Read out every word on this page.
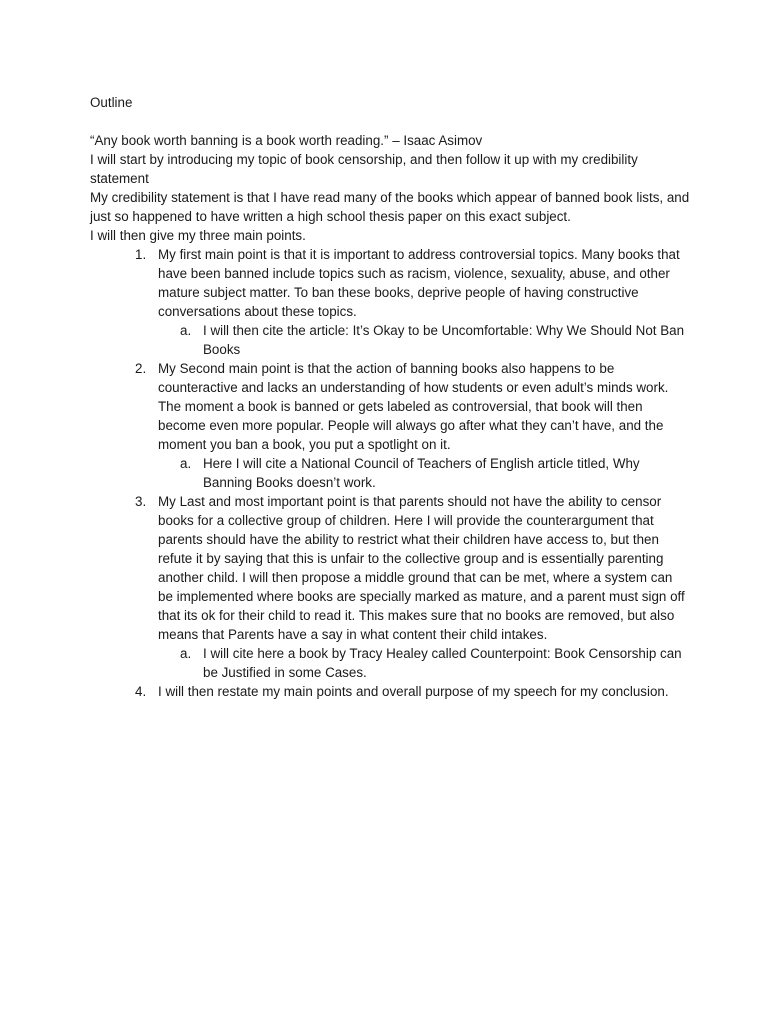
Outline

“Any book worth banning is a book worth reading.” – Isaac Asimov

I will start by introducing my topic of book censorship, and then follow it up with my credibility statement

My credibility statement is that I have read many of the books which appear of banned book lists, and just so happened to have written a high school thesis paper on this exact subject.

I will then give my three main points.

1. My first main point is that it is important to address controversial topics. Many books that have been banned include topics such as racism, violence, sexuality, abuse, and other mature subject matter. To ban these books, deprive people of having constructive conversations about these topics.
a. I will then cite the article: It’s Okay to be Uncomfortable: Why We Should Not Ban Books
2. My Second main point is that the action of banning books also happens to be counteractive and lacks an understanding of how students or even adult’s minds work. The moment a book is banned or gets labeled as controversial, that book will then become even more popular. People will always go after what they can’t have, and the moment you ban a book, you put a spotlight on it.
a. Here I will cite a National Council of Teachers of English article titled, Why Banning Books doesn’t work.
3. My Last and most important point is that parents should not have the ability to censor books for a collective group of children. Here I will provide the counterargument that parents should have the ability to restrict what their children have access to, but then refute it by saying that this is unfair to the collective group and is essentially parenting another child. I will then propose a middle ground that can be met, where a system can be implemented where books are specially marked as mature, and a parent must sign off that its ok for their child to read it. This makes sure that no books are removed, but also means that Parents have a say in what content their child intakes.
a. I will cite here a book by Tracy Healey called Counterpoint: Book Censorship can be Justified in some Cases.
4. I will then restate my main points and overall purpose of my speech for my conclusion.
